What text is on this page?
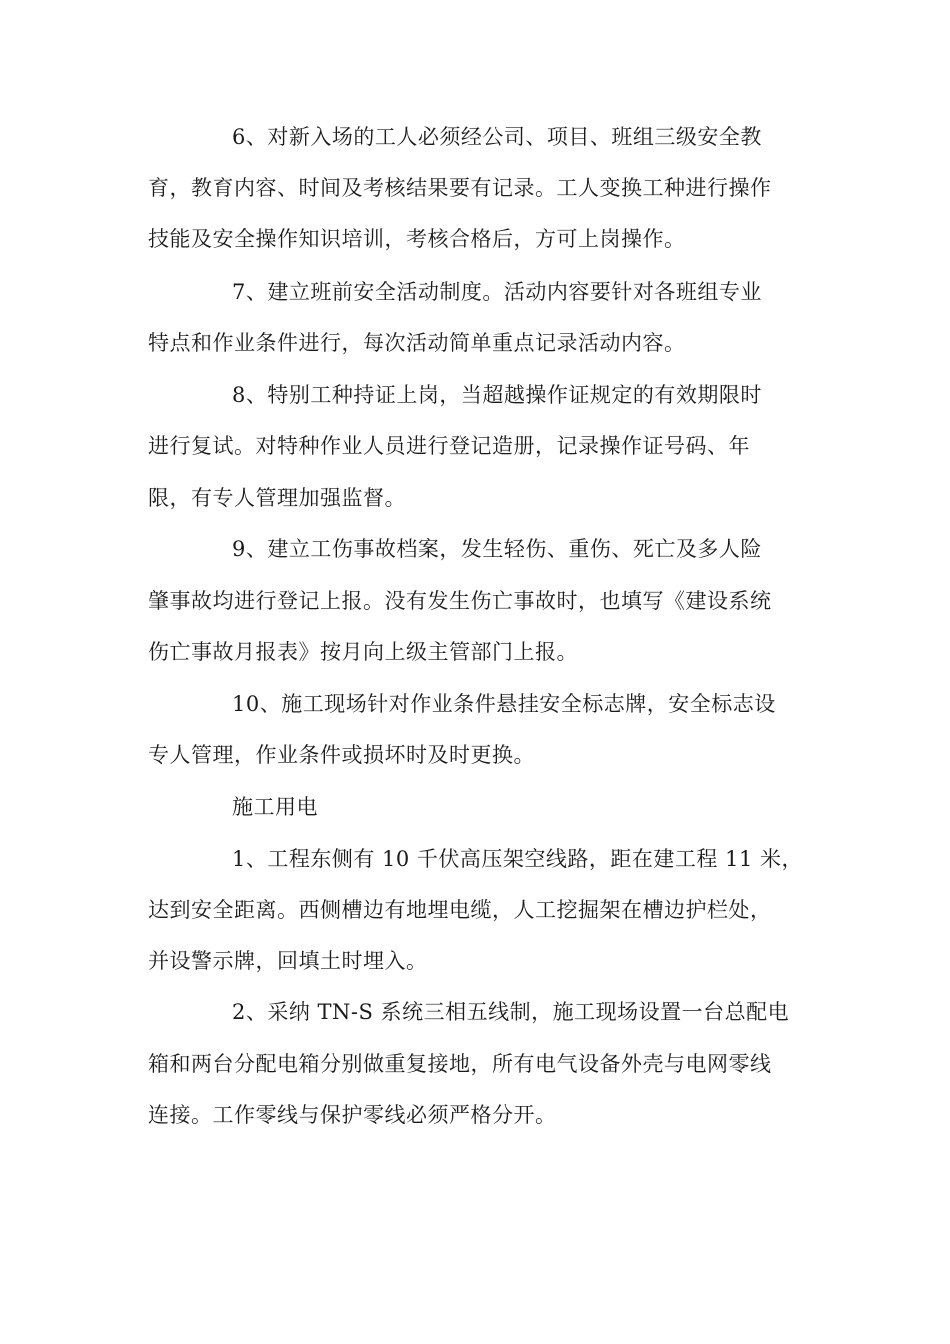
6、对新入场的工人必须经公司、项目、班组三级安全教
育，教育内容、时间及考核结果要有记录。工人变换工种进行操作
技能及安全操作知识培训，考核合格后，方可上岗操作。
7、建立班前安全活动制度。活动内容要针对各班组专业
特点和作业条件进行，每次活动简单重点记录活动内容。
8、特别工种持证上岗，当超越操作证规定的有效期限时
进行复试。对特种作业人员进行登记造册，记录操作证号码、年
限，有专人管理加强监督。
9、建立工伤事故档案，发生轻伤、重伤、死亡及多人险
肇事故均进行登记上报。没有发生伤亡事故时，也填写《建设系统
伤亡事故月报表》按月向上级主管部门上报。
10、施工现场针对作业条件悬挂安全标志牌，安全标志设
专人管理，作业条件或损坏时及时更换。
施工用电
1、工程东侧有 10 千伏高压架空线路，距在建工程 11 米，
达到安全距离。西侧槽边有地埋电缆，人工挖掘架在槽边护栏处，
并设警示牌，回填土时埋入。
2、采纳 TN-S 系统三相五线制，施工现场设置一台总配电
箱和两台分配电箱分别做重复接地，所有电气设备外壳与电网零线
连接。工作零线与保护零线必须严格分开。
